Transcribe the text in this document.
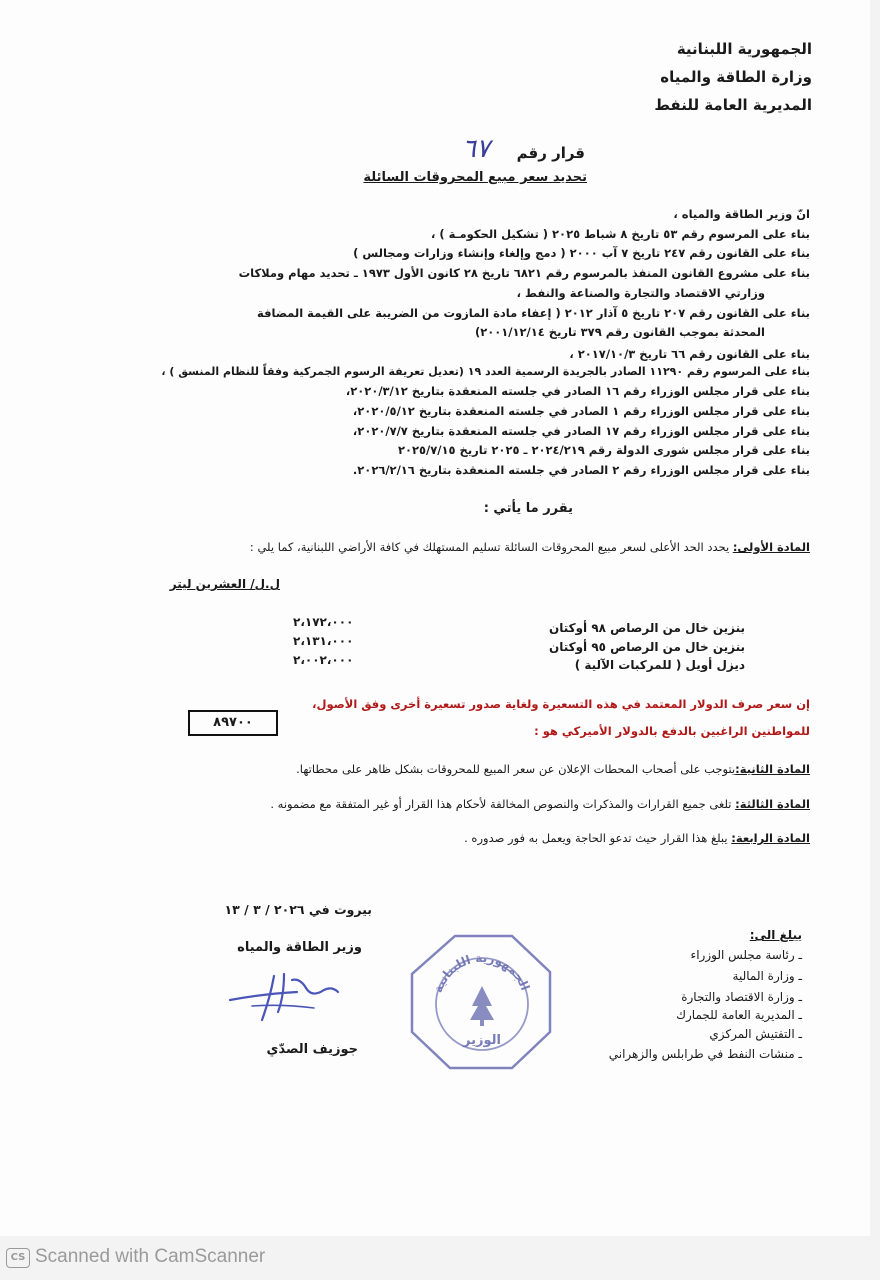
الجمهورية اللبنانية
وزارة الطاقة والمياه
المديرية العامة للنفط
قرار رقم
٦٧
تحديد سعر مبيع المحروقات السائلة
انّ وزير الطاقة والمياه ،
بناء على المرسوم رقم ٥٣ تاريخ ٨ شباط ٢٠٢٥ ( تشكيل الحكومـة ) ،
بناء على القانون رقم ٢٤٧ تاريخ ٧ آب ٢٠٠٠ ( دمج وإلغاء وإنشاء وزارات ومجالس )
بناء على مشروع القانون المنفذ بالمرسوم رقم ٦٨٢١ تاريخ ٢٨ كانون الأول ١٩٧٣ ـ تحديد مهام وملاكات
وزارتي الاقتصاد والتجارة والصناعة والنفط ،
بناء على القانون رقم ٢٠٧ تاريخ ٥ آذار ٢٠١٢ ( إعفاء مادة المازوت من الضريبة على القيمة المضافة
المحدثة بموجب القانون رقم ٣٧٩ تاريخ ٢٠٠١/١٢/١٤)
بناء على القانون رقم ٦٦ تاريخ ٢٠١٧/١٠/٣ ،
بناء على المرسوم رقم ١١٢٩٠ الصادر بالجريدة الرسمية العدد ١٩ (تعديل تعريفة الرسوم الجمركية وفقاً للنظام المنسق ) ،
بناء على قرار مجلس الوزراء رقم ١٦ الصادر في جلسته المنعقدة بتاريخ ٢٠٢٠/٣/١٢،
بناء على قرار مجلس الوزراء رقم ١ الصادر في جلسته المنعقدة بتاريخ ٢٠٢٠/٥/١٢،
بناء على قرار مجلس الوزراء رقم ١٧ الصادر في جلسته المنعقدة بتاريخ ٢٠٢٠/٧/٧،
بناء على قرار مجلس شورى الدولة رقم ٢٠٢٤/٢١٩ ـ ٢٠٢٥ تاريخ ٢٠٢٥/٧/١٥
بناء على قرار مجلس الوزراء رقم ٢ الصادر في جلسته المنعقدة بتاريخ ٢٠٢٦/٢/١٦.
يقرر ما يأتي :
المادة الأولى: يحدد الحد الأعلى لسعر مبيع المحروقات السائلة تسليم المستهلك في كافة الأراضي اللبنانية، كما يلي :
ل.ل/ العشرين ليتر
بنزين خال من الرصاص ٩٨ أوكتان
٢،١٧٢،٠٠٠
بنزين خال من الرصاص ٩٥ أوكتان
٢،١٣١،٠٠٠
ديزل أويل ( للمركبات الآلية )
٢،٠٠٢،٠٠٠
إن سعر صرف الدولار المعتمد في هذه التسعيرة ولغاية صدور تسعيرة أخرى وفق الأصول،
للمواطنين الراغبين بالدفع بالدولار الأميركي هو :
٨٩٧٠٠
المادة الثانية:يتوجب على أصحاب المحطات الإعلان عن سعر المبيع للمحروقات بشكل ظاهر على محطاتها.
المادة الثالثة: تلغى جميع القرارات والمذكرات والنصوص المخالفة لأحكام هذا القرار أو غير المتفقة مع مضمونه .
المادة الرابعة: يبلغ هذا القرار حيث تدعو الحاجة ويعمل به فور صدوره .
بيروت في ٢٠٢٦ / ٣ / ١٣
يبلغ الى:
ـ رئاسة مجلس الوزراء
ـ وزارة المالية
ـ وزارة الاقتصاد والتجارة
ـ المديرية العامة للجمارك
ـ التفتيش المركزي
ـ منشات النفط في طرابلس والزهراني
الجمهورية اللبنانية
الوزير
وزير الطاقة والمياه
جوزيف الصدّي
CS Scanned with CamScanner
